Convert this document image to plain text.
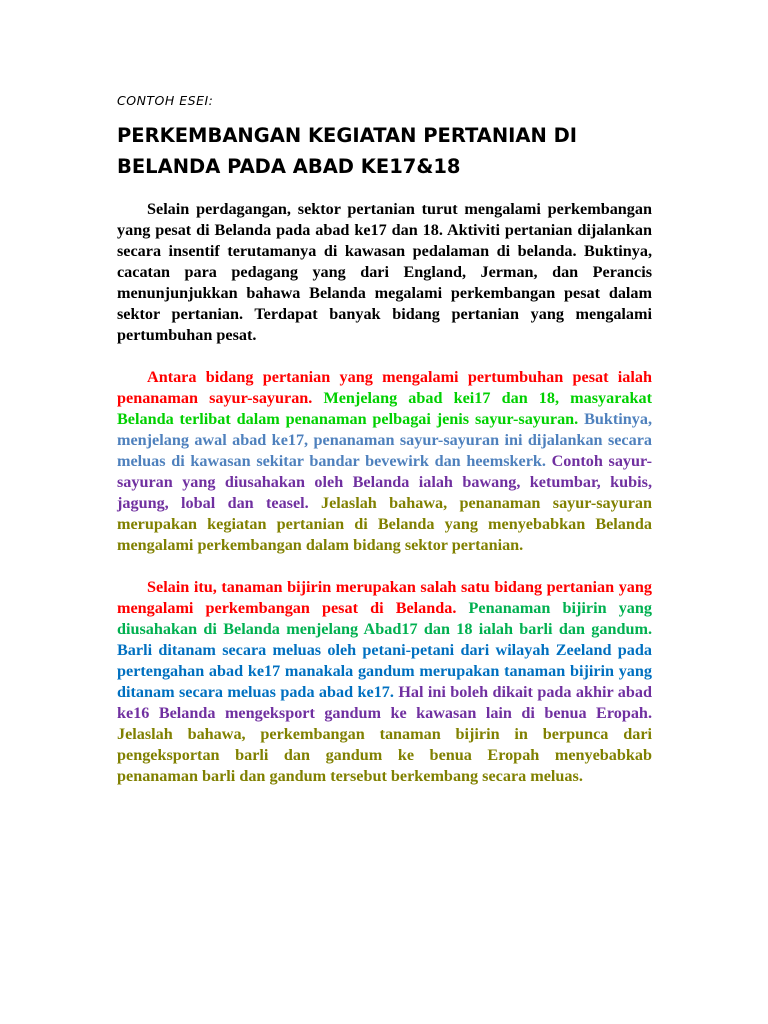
CONTOH ESEI:

PERKEMBANGAN KEGIATAN PERTANIAN DI BELANDA PADA ABAD KE17&18

Selain perdagangan, sektor pertanian turut mengalami perkembangan yang pesat di Belanda pada abad ke17 dan 18. Aktiviti pertanian dijalankan secara insentif terutamanya di kawasan pedalaman di belanda. Buktinya, cacatan para pedagang yang dari England, Jerman, dan Perancis menunjunjukkan bahawa Belanda megalami perkembangan pesat dalam sektor pertanian. Terdapat banyak bidang pertanian yang mengalami pertumbuhan pesat.

Antara bidang pertanian yang mengalami pertumbuhan pesat ialah penanaman sayur-sayuran. Menjelang abad kei17 dan 18, masyarakat Belanda terlibat dalam penanaman pelbagai jenis sayur-sayuran. Buktinya, menjelang awal abad ke17, penanaman sayur-sayuran ini dijalankan secara meluas di kawasan sekitar bandar bevewirk dan heemskerk. Contoh sayur-sayuran yang diusahakan oleh Belanda ialah bawang, ketumbar, kubis, jagung, lobal dan teasel. Jelaslah bahawa, penanaman sayur-sayuran merupakan kegiatan pertanian di Belanda yang menyebabkan Belanda mengalami perkembangan dalam bidang sektor pertanian.

Selain itu, tanaman bijirin merupakan salah satu bidang pertanian yang mengalami perkembangan pesat di Belanda. Penanaman bijirin yang diusahakan di Belanda menjelang Abad17 dan 18 ialah barli dan gandum. Barli ditanam secara meluas oleh petani-petani dari wilayah Zeeland pada pertengahan abad ke17 manakala gandum merupakan tanaman bijirin yang ditanam secara meluas pada abad ke17. Hal ini boleh dikait pada akhir abad ke16 Belanda mengeksport gandum ke kawasan lain di benua Eropah. Jelaslah bahawa, perkembangan tanaman bijirin in berpunca dari pengeksportan barli dan gandum ke benua Eropah menyebabkab penanaman barli dan gandum tersebut berkembang secara meluas.
